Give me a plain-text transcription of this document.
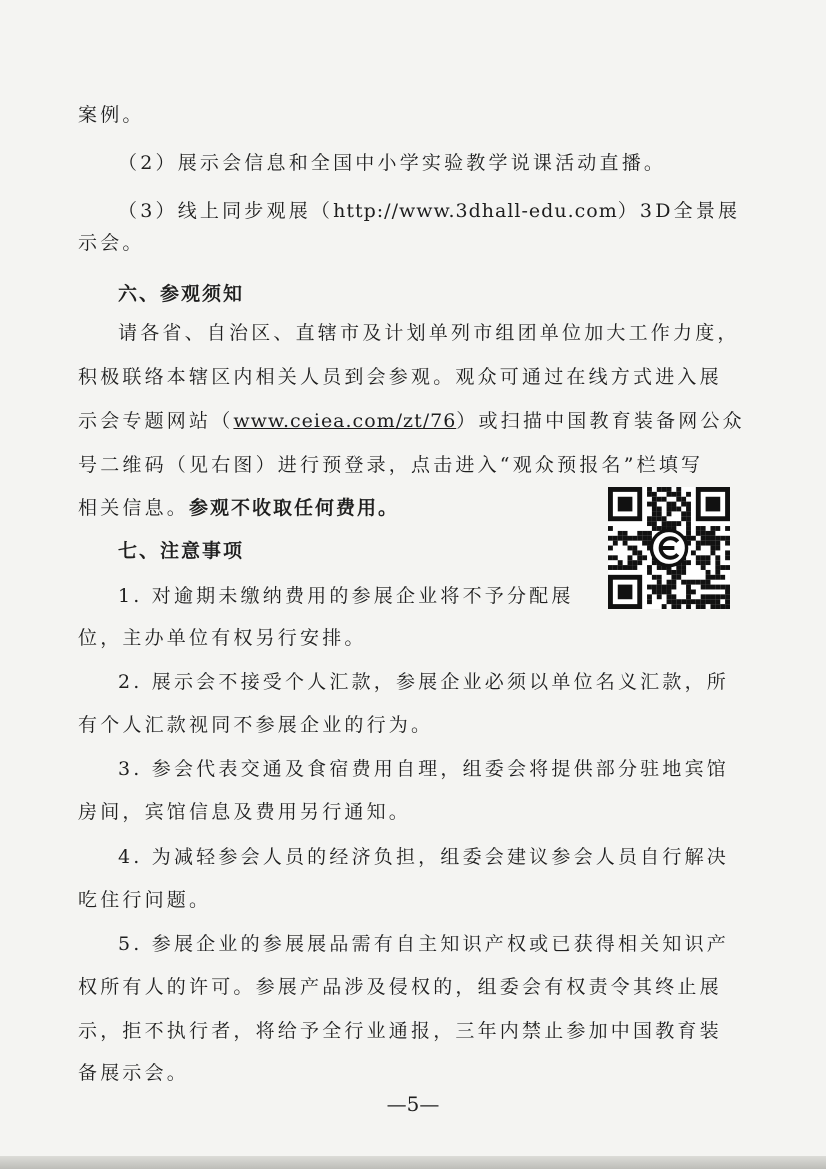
案例。
（2）展示会信息和全国中小学实验教学说课活动直播。
（3）线上同步观展（http://www.3dhall-edu.com）3D全景展
示会。
六、参观须知
请各省、自治区、直辖市及计划单列市组团单位加大工作力度，
积极联络本辖区内相关人员到会参观。观众可通过在线方式进入展
示会专题网站（www.ceiea.com/zt/76）或扫描中国教育装备网公众
号二维码（见右图）进行预登录，点击进入“观众预报名”栏填写
相关信息。参观不收取任何费用。
七、注意事项
1. 对逾期未缴纳费用的参展企业将不予分配展
位，主办单位有权另行安排。
2. 展示会不接受个人汇款，参展企业必须以单位名义汇款，所
有个人汇款视同不参展企业的行为。
3. 参会代表交通及食宿费用自理，组委会将提供部分驻地宾馆
房间，宾馆信息及费用另行通知。
4. 为减轻参会人员的经济负担，组委会建议参会人员自行解决
吃住行问题。
5. 参展企业的参展展品需有自主知识产权或已获得相关知识产
权所有人的许可。参展产品涉及侵权的，组委会有权责令其终止展
示，拒不执行者，将给予全行业通报，三年内禁止参加中国教育装
备展示会。
—5—
